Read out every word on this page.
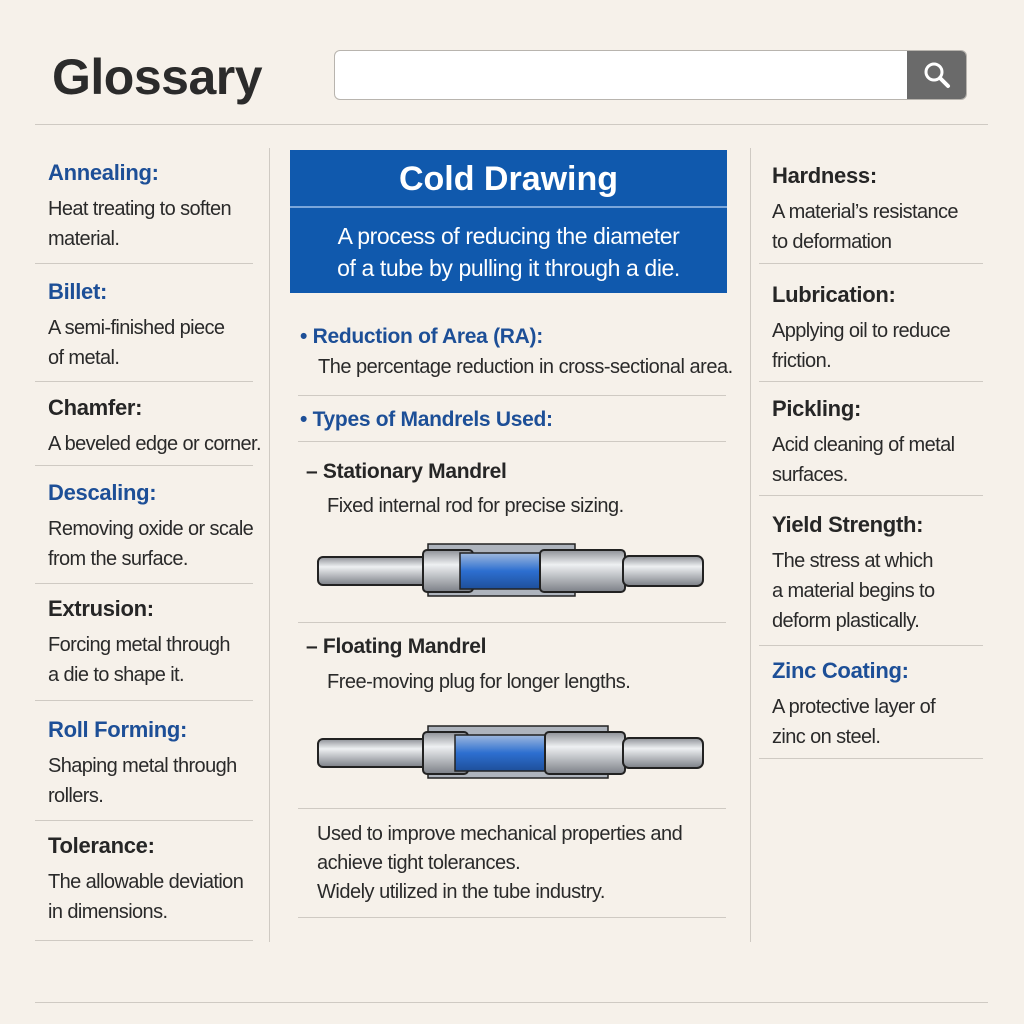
Glossary
Annealing:
Heat treating to soften
material.
Billet:
A semi-finished piece
of metal.
Chamfer:
A beveled edge or corner.
Descaling:
Removing oxide or scale
from the surface.
Extrusion:
Forcing metal through
a die to shape it.
Roll Forming:
Shaping metal through
rollers.
Tolerance:
The allowable deviation
in dimensions.
Hardness:
A material’s resistance
to deformation
Lubrication:
Applying oil to reduce
friction.
Pickling:
Acid cleaning of metal
surfaces.
Yield Strength:
The stress at which
a material begins to
deform plastically.
Zinc Coating:
A protective layer of
zinc on steel.
Cold Drawing

A process of reducing the diameter
of a tube by pulling it through a die.

• Reduction of Area (RA):
The percentage reduction in cross-sectional area.
• Types of Mandrels Used:
– Stationary Mandrel
Fixed internal rod for precise sizing.
– Floating Mandrel
Free-moving plug for longer lengths.
Used to improve mechanical properties and
achieve tight tolerances.
Widely utilized in the tube industry.
